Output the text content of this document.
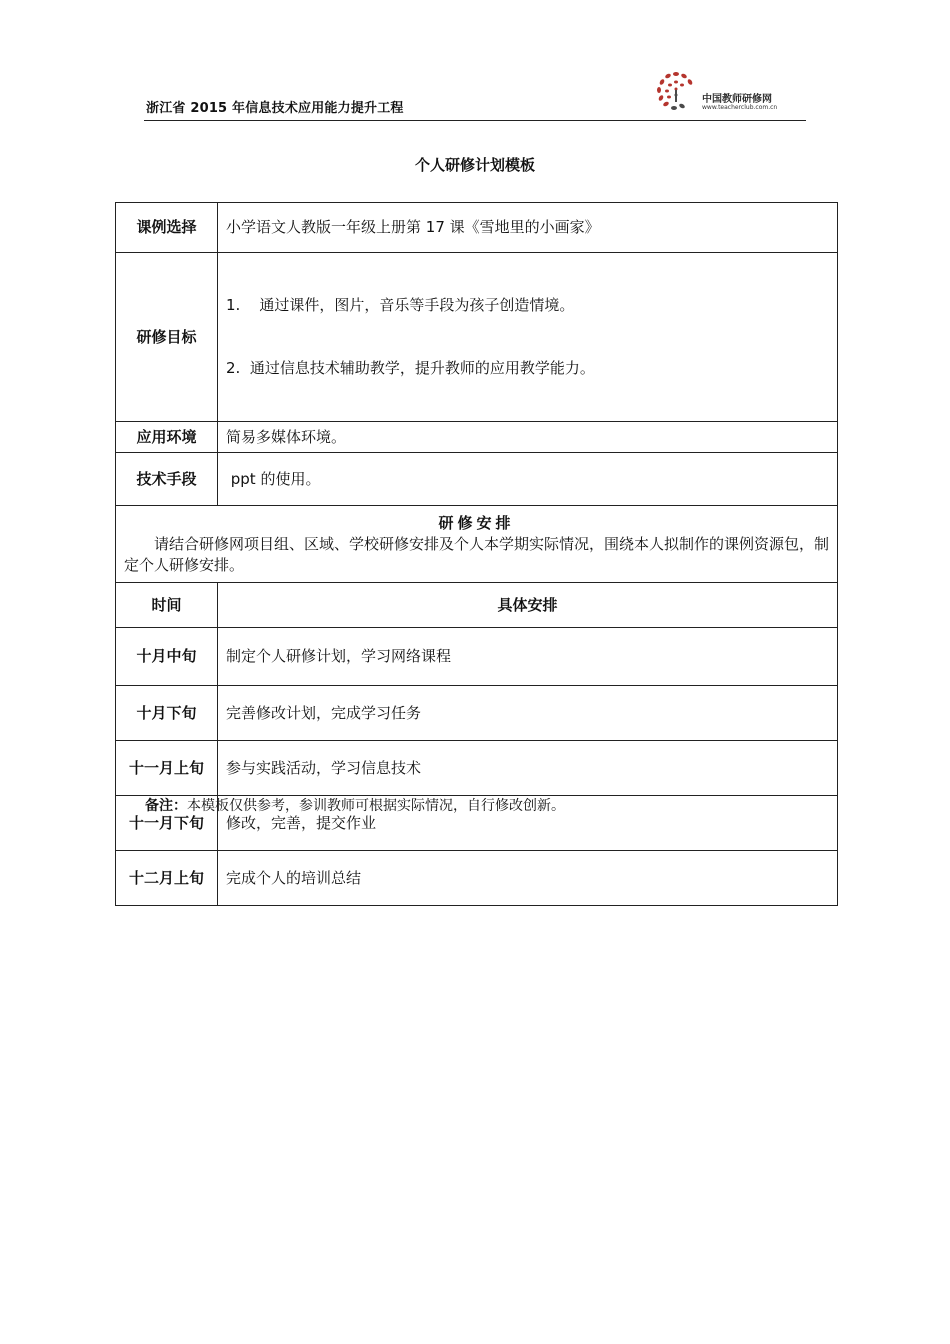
浙江省 2015 年信息技术应用能力提升工程
中国教师研修网
www.teacherclub.com.cn
个人研修计划模板
课例选择	小学语文人教版一年级上册第 17 课《雪地里的小画家》

研修目标	1.    通过课件，图片，音乐等手段为孩子创造情境。

2.  通过信息技术辅助教学，提升教师的应用教学能力。

应用环境	简易多媒体环境。

技术手段	ppt 的使用。

研修安排
请结合研修网项目组、区域、学校研修安排及个人本学期实际情况，围绕本人拟制作的课例资源包，制定个人研修安排。	

时间	具体安排
十月中旬	制定个人研修计划，学习网络课程
十月下旬	完善修改计划，完成学习任务
十一月上旬	参与实践活动，学习信息技术
十一月下旬	修改，完善，提交作业
十二月上旬	完成个人的培训总结
备注：本模板仅供参考，参训教师可根据实际情况，自行修改创新。
